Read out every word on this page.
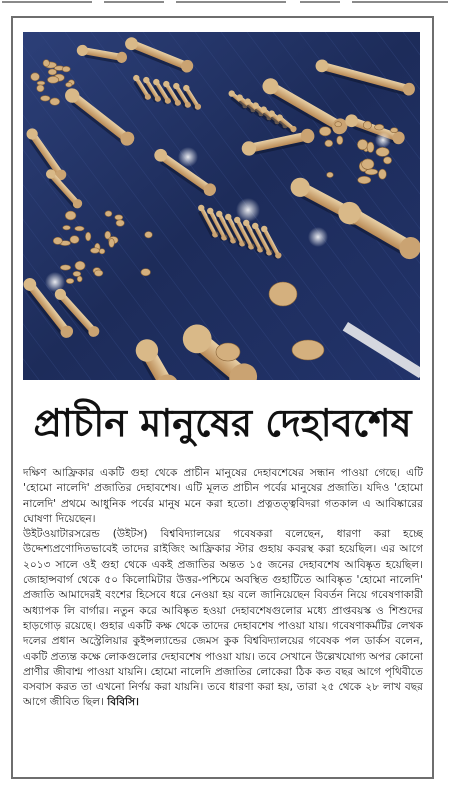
প্রাচীন মানুষের দেহাবশেষ

দক্ষিণ আফ্রিকার একটি গুহা থেকে প্রাচীন মানুষের দেহাবশেষের সন্ধান পাওয়া গেছে। এটি 'হোমো নালেদি' প্রজাতির দেহাবশেষ। এটি মূলত প্রাচীন পর্বের মানুষের প্রজাতি। যদিও 'হোমো নালেদি' প্রথমে আধুনিক পর্বের মানুষ মনে করা হতো। প্রত্নতত্ত্ববিদরা গতকাল এ আবিষ্কারের ঘোষণা দিয়েছেন।

উইটওয়াটারসরেন্ড (উইটস) বিশ্ববিদ্যালয়ের গবেষকরা বলেছেন, ধারণা করা হচ্ছে উদ্দেশ্যপ্রণোদিতভাবেই তাদের রাইজিং আফ্রিকার স্টার গুহায় কবরস্থ করা হয়েছিল। এর আগে ২০১৩ সালে ওই গুহা থেকে একই প্রজাতির অন্তত ১৫ জনের দেহাবশেষ আবিষ্কৃত হয়েছিল। জোহান্সবার্গ থেকে ৫০ কিলোমিটার উত্তর-পশ্চিমে অবস্থিত গুহাটিতে আবিষ্কৃত 'হোমো নালেদি' প্রজাতি আমাদেরই বংশের হিসেবে ধরে নেওয়া হয় বলে জানিয়েছেন বিবর্তন নিয়ে গবেষণাকারী অধ্যাপক লি বার্গার। নতুন করে আবিষ্কৃত হওয়া দেহাবশেষগুলোর মধ্যে প্রাপ্তবয়স্ক ও শিশুদের হাড়গোড় রয়েছে। গুহার একটি কক্ষ থেকে তাদের দেহাবশেষ পাওয়া যায়। গবেষণাকর্মটির লেখক দলের প্রধান অস্ট্রেলিয়ার কুইন্সল্যান্ডের জেমস কুক বিশ্ববিদ্যালয়ের গবেষক পল ডার্কস বলেন, একটি প্রত্যন্ত কক্ষে লোকগুলোর দেহাবশেষ পাওয়া যায়। তবে সেখানে উল্লেখযোগ্য অপর কোনো প্রাণীর জীবাশ্ম পাওয়া যায়নি। হোমো নালেদি প্রজাতির লোকেরা ঠিক কত বছর আগে পৃথিবীতে বসবাস করত তা এখনো নির্ণয় করা যায়নি। তবে ধারণা করা হয়, তারা ২৫ থেকে ২৮ লাখ বছর আগে জীবিত ছিল। বিবিসি।
